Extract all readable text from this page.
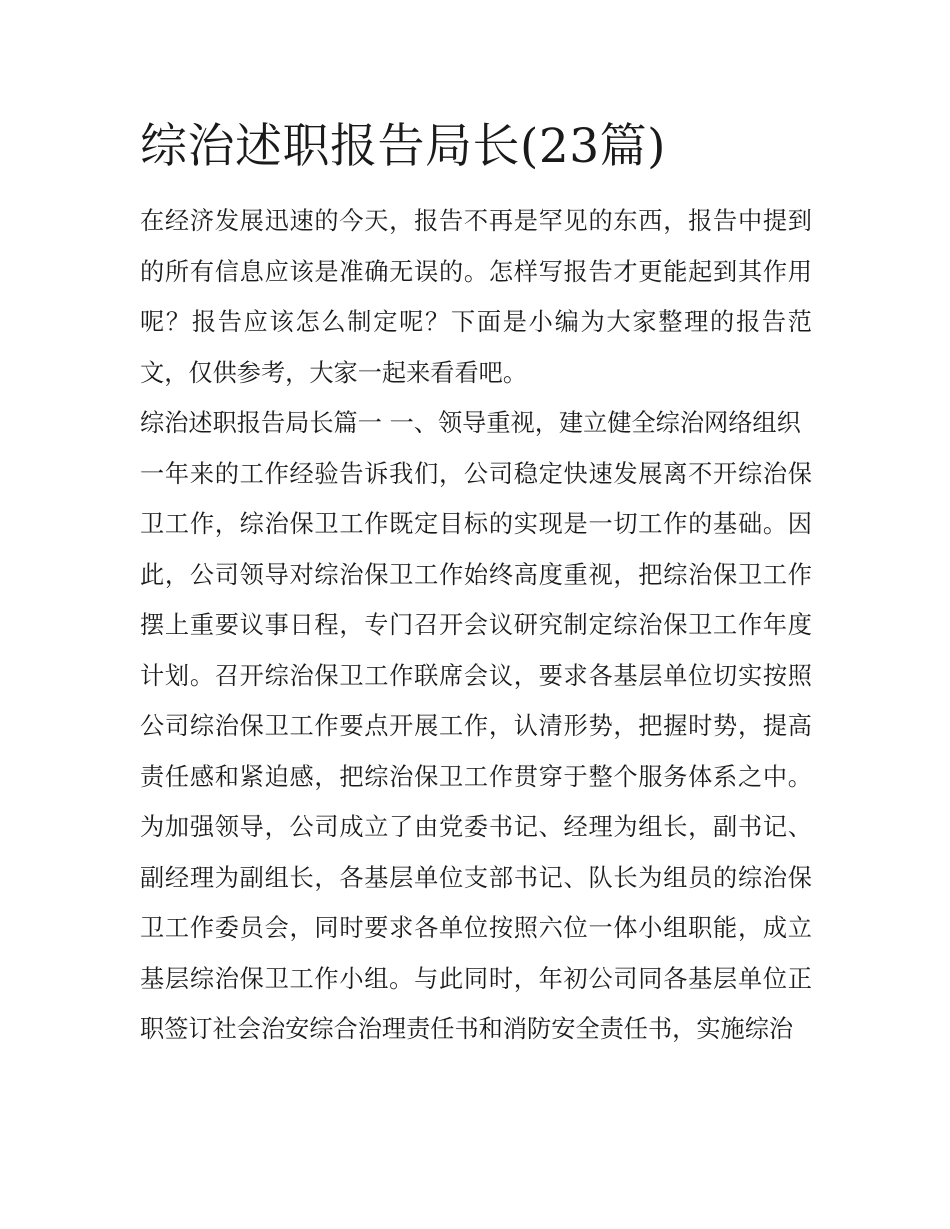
综治述职报告局长(23篇)

在经济发展迅速的今天，报告不再是罕见的东西，报告中提到的所有信息应该是准确无误的。怎样写报告才更能起到其作用呢？报告应该怎么制定呢？下面是小编为大家整理的报告范文，仅供参考，大家一起来看看吧。

综治述职报告局长篇一 一、领导重视，建立健全综治网络组织

一年来的工作经验告诉我们，公司稳定快速发展离不开综治保卫工作，综治保卫工作既定目标的实现是一切工作的基础。因此，公司领导对综治保卫工作始终高度重视，把综治保卫工作摆上重要议事日程，专门召开会议研究制定综治保卫工作年度计划。召开综治保卫工作联席会议，要求各基层单位切实按照公司综治保卫工作要点开展工作，认清形势，把握时势，提高责任感和紧迫感，把综治保卫工作贯穿于整个服务体系之中。为加强领导，公司成立了由党委书记、经理为组长，副书记、副经理为副组长，各基层单位支部书记、队长为组员的综治保卫工作委员会，同时要求各单位按照六位一体小组职能，成立基层综治保卫工作小组。与此同时，年初公司同各基层单位正职签订社会治安综合治理责任书和消防安全责任书，实施综治
